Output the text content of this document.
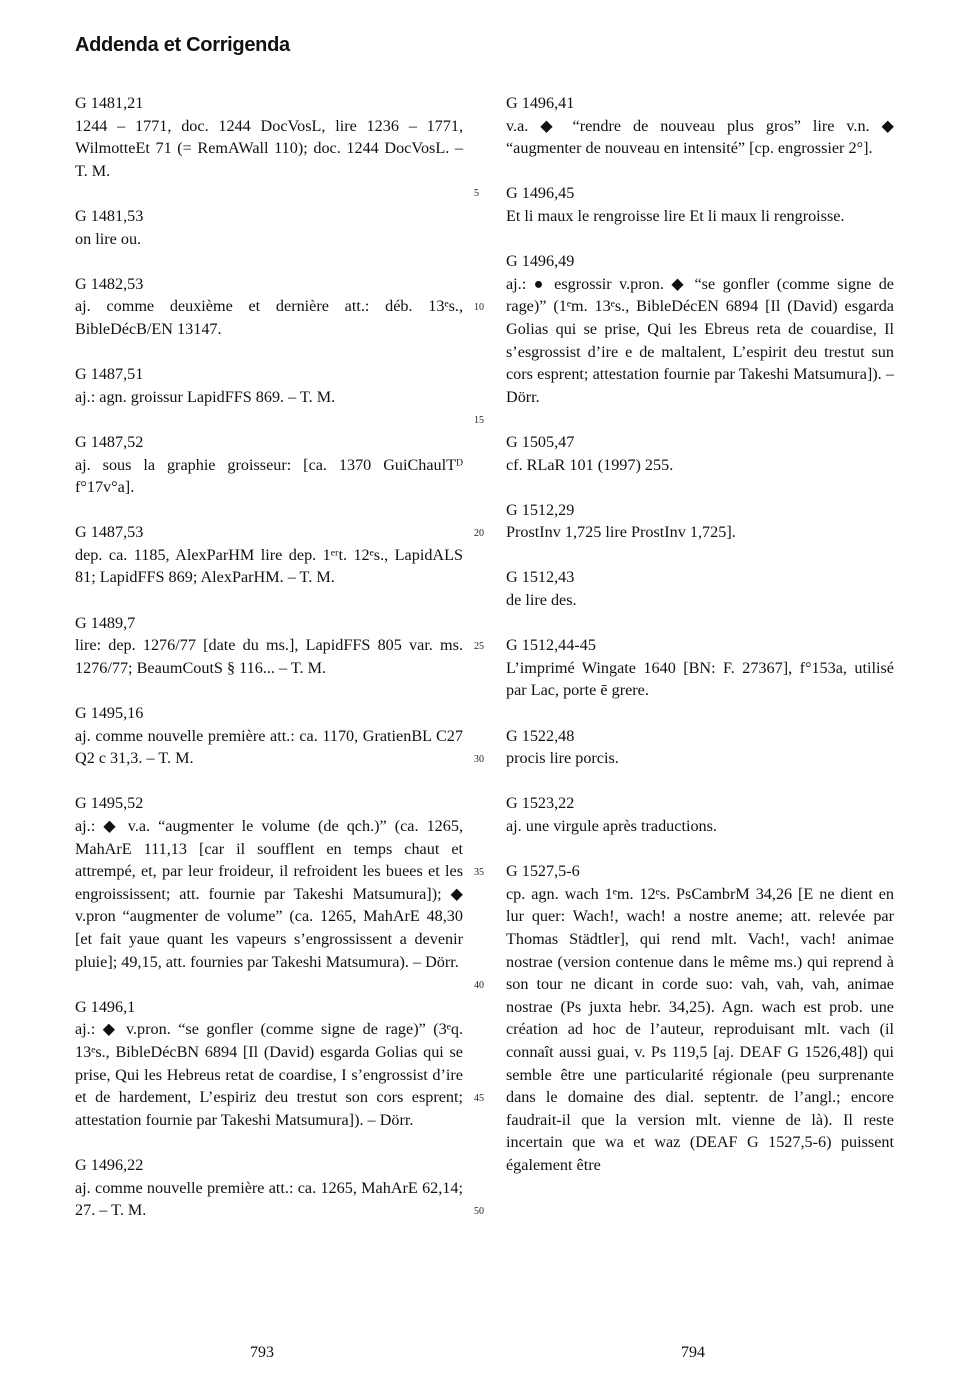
Addenda et Corrigenda
G 1481,21
1244 – 1771, doc. 1244 DocVosL, lire 1236 – 1771, WilmotteEt 71 (= RemAWall 110); doc. 1244 DocVosL. – T. M.
G 1481,53
on lire ou.
G 1482,53
aj. comme deuxième et dernière att.: déb. 13ᵉs., BibleDécB/EN 13147.
G 1487,51
aj.: agn. groissur LapidFFS 869. – T. M.
G 1487,52
aj. sous la graphie groisseur: [ca. 1370 GuiChaulTᴰ f°17v°a].
G 1487,53
dep. ca. 1185, AlexParHM lire dep. 1ᵉʳt. 12ᵉs., LapidALS 81; LapidFFS 869; AlexParHM. – T. M.
G 1489,7
lire: dep. 1276/77 [date du ms.], LapidFFS 805 var. ms. 1276/77; BeaumCoutS § 116... – T. M.
G 1495,16
aj. comme nouvelle première att.: ca. 1170, GratienBL C27 Q2 c 31,3. – T. M.
G 1495,52
aj.: ◆ v.a. “augmenter le volume (de qch.)” (ca. 1265, MahArE 111,13 [car il soufflent en temps chaut et attrempé, et, par leur froideur, il refroident les buees et les engroississent; att. fournie par Takeshi Matsumura]); ◆ v.pron “augmenter de volume” (ca. 1265, MahArE 48,30 [et fait yaue quant les vapeurs s’engrossissent a devenir pluie]; 49,15, att. fournies par Takeshi Matsumura). – Dörr.
G 1496,1
aj.: ◆ v.pron. “se gonfler (comme signe de rage)” (3ᵉq. 13ᵉs., BibleDécBN 6894 [Il (David) esgarda Golias qui se prise, Qui les Hebreus retat de coardise, I s’engrossist d’ire et de hardement, L’espiriz deu trestut son cors esprent; attestation fournie par Takeshi Matsumura]). – Dörr.
G 1496,22
aj. comme nouvelle première att.: ca. 1265, MahArE 62,14; 27. – T. M.
G 1496,41
v.a. ◆ “rendre de nouveau plus gros” lire v.n. ◆ “augmenter de nouveau en intensité” [cp. engrossier 2°].
G 1496,45
Et li maux le rengroisse lire Et li maux li rengroisse.
G 1496,49
aj.: ● esgrossir v.pron. ◆ “se gonfler (comme signe de rage)” (1ᵉm. 13ᵉs., BibleDécEN 6894 [Il (David) esgarda Golias qui se prise, Qui les Ebreus reta de couardise, Il s’esgrossist d’ire e de maltalent, L’espirit deu trestut sun cors esprent; attestation fournie par Takeshi Matsumura]). – Dörr.
G 1505,47
cf. RLaR 101 (1997) 255.
G 1512,29
ProstInv 1,725 lire ProstInv 1,725].
G 1512,43
de lire des.
G 1512,44-45
L’imprimé Wingate 1640 [BN: F. 27367], f°153a, utilisé par Lac, porte ē grere.
G 1522,48
procis lire porcis.
G 1523,22
aj. une virgule après traductions.
G 1527,5-6
cp. agn. wach 1ᵉm. 12ᵉs. PsCambrM 34,26 [E ne dient en lur quer: Wach!, wach! a nostre aneme; att. relevée par Thomas Städtler], qui rend mlt. Vach!, vach! animae nostrae (version contenue dans le même ms.) qui reprend à son tour ne dicant in corde suo: vah, vah, vah, animae nostrae (Ps juxta hebr. 34,25). Agn. wach est prob. une création ad hoc de l’auteur, reproduisant mlt. vach (il connaît aussi guai, v. Ps 119,5 [aj. DEAF G 1526,48]) qui semble être une particularité régionale (peu surprenante dans le domaine des dial. septentr. de l’angl.; encore faudrait-il que la version mlt. vienne de là). Il reste incertain que wa et waz (DEAF G 1527,5-6) puissent également être
5
10
15
20
25
30
35
40
45
50
793	794
